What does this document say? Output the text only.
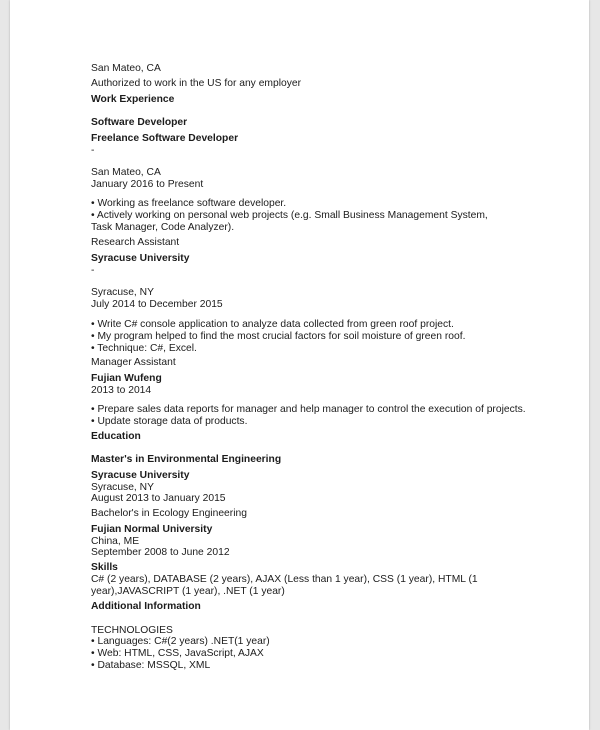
San Mateo, CA

Authorized to work in the US for any employer

Work Experience

Software Developer

Freelance Software Developer

-

San Mateo, CA

January 2016 to Present

• Working as freelance software developer.

• Actively working on personal web projects (e.g. Small Business Management System, Task Manager, Code Analyzer).

Research Assistant

Syracuse University

-

Syracuse, NY

July 2014 to December 2015

• Write C# console application to analyze data collected from green roof project.

• My program helped to find the most crucial factors for soil moisture of green roof.

• Technique: C#, Excel.

Manager Assistant

Fujian Wufeng

2013 to 2014

• Prepare sales data reports for manager and help manager to control the execution of projects.

• Update storage data of products.

Education

Master's in Environmental Engineering

Syracuse University

Syracuse, NY

August 2013 to January 2015

Bachelor's in Ecology Engineering

Fujian Normal University

China, ME

September 2008 to June 2012

Skills

C# (2 years), DATABASE (2 years), AJAX (Less than 1 year), CSS (1 year), HTML (1 year),JAVASCRIPT (1 year), .NET (1 year)

Additional Information

TECHNOLOGIES

• Languages: C#(2 years) .NET(1 year)

• Web: HTML, CSS, JavaScript, AJAX

• Database: MSSQL, XML
